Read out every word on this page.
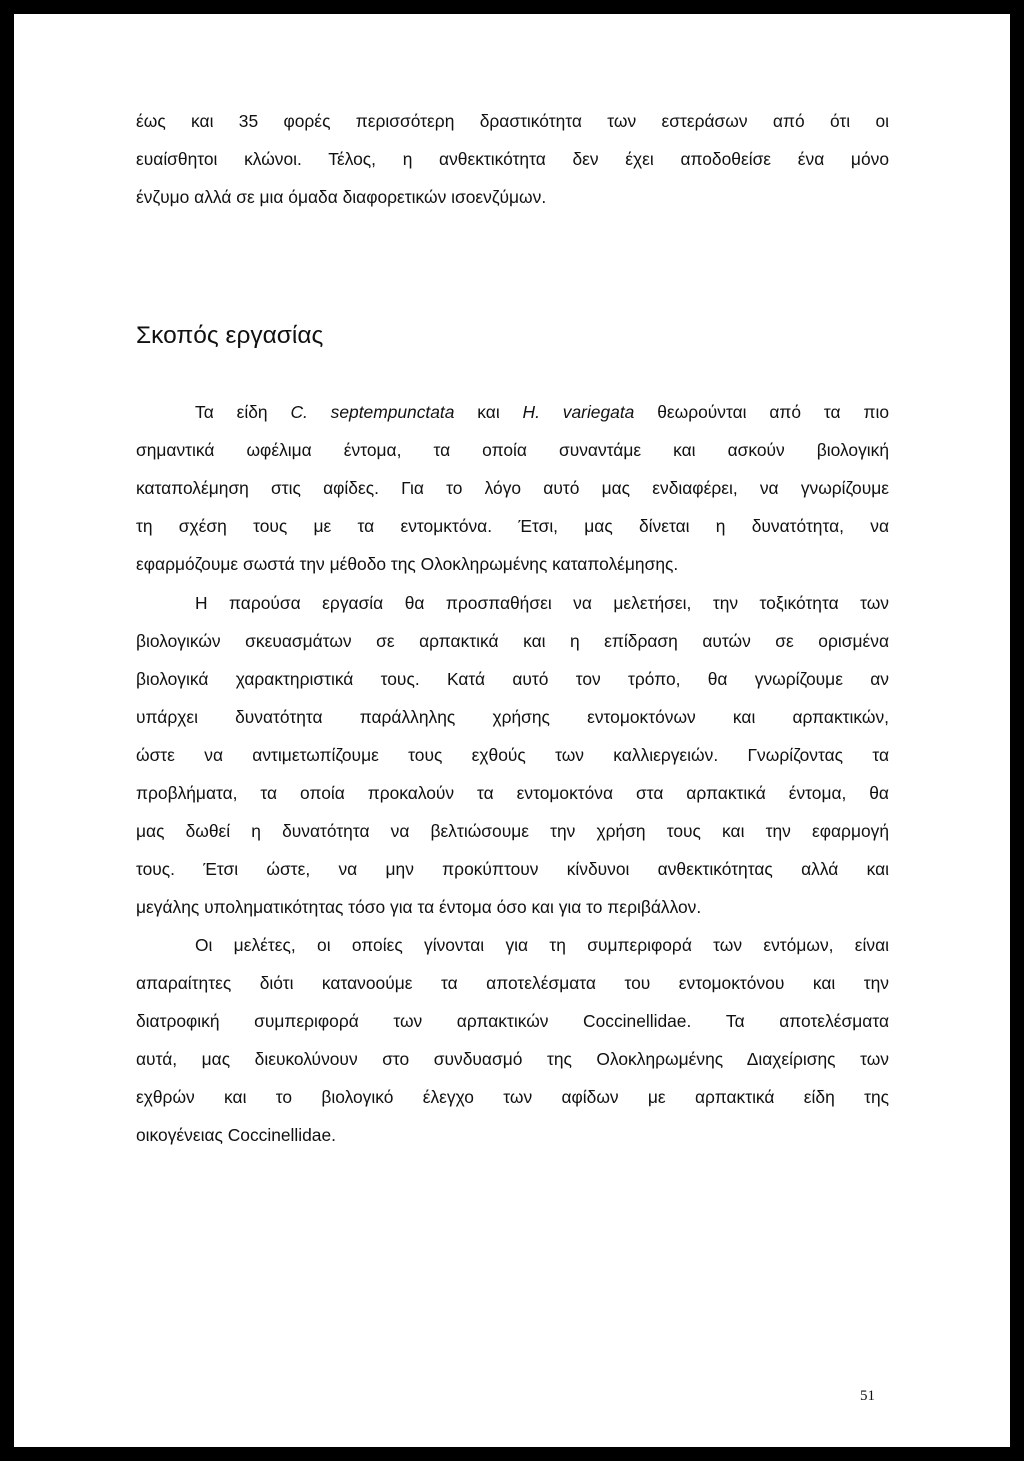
έως και 35 φορές περισσότερη δραστικότητα των εστεράσων από ότι οι
ευαίσθητοι κλώνοι. Τέλος, η ανθεκτικότητα δεν έχει αποδοθείσε ένα μόνο
ένζυμο αλλά σε μια όμαδα διαφορετικών ισοενζύμων.
Σκοπός εργασίας
Τα είδη C. septempunctata και H. variegata θεωρούνται από τα πιο
σημαντικά ωφέλιμα έντομα, τα οποία συναντάμε και ασκούν βιολογική
καταπολέμηση στις αφίδες. Για το λόγο αυτό μας ενδιαφέρει, να γνωρίζουμε
τη σχέση τους με τα εντομκτόνα. Έτσι, μας δίνεται η δυνατότητα, να
εφαρμόζουμε σωστά την μέθοδο της Ολοκληρωμένης καταπολέμησης.
Η παρούσα εργασία θα προσπαθήσει να μελετήσει, την τοξικότητα των
βιολογικών σκευασμάτων σε αρπακτικά και η επίδραση αυτών σε ορισμένα
βιολογικά χαρακτηριστικά τους. Κατά αυτό τον τρόπο, θα γνωρίζουμε αν
υπάρχει δυνατότητα παράλληλης χρήσης εντομοκτόνων και αρπακτικών,
ώστε να αντιμετωπίζουμε τους εχθούς των καλλιεργειών. Γνωρίζοντας τα
προβλήματα, τα οποία προκαλούν τα εντομοκτόνα στα αρπακτικά έντομα, θα
μας δωθεί η δυνατότητα να βελτιώσουμε την χρήση τους και την εφαρμογή
τους. Έτσι ώστε, να μην προκύπτουν κίνδυνοι ανθεκτικότητας αλλά και
μεγάλης υποληματικότητας τόσο για τα έντομα όσο και για το περιβάλλον.
Οι μελέτες, οι οποίες γίνονται για τη συμπεριφορά των εντόμων, είναι
απαραίτητες διότι κατανοούμε τα αποτελέσματα του εντομοκτόνου και την
διατροφική συμπεριφορά των αρπακτικών Coccinellidae. Τα αποτελέσματα
αυτά, μας διευκολύνουν στο συνδυασμό της Ολοκληρωμένης Διαχείρισης των
εχθρών και το βιολογικό έλεγχο των αφίδων με αρπακτικά είδη της
οικογένειας Coccinellidae.
51
